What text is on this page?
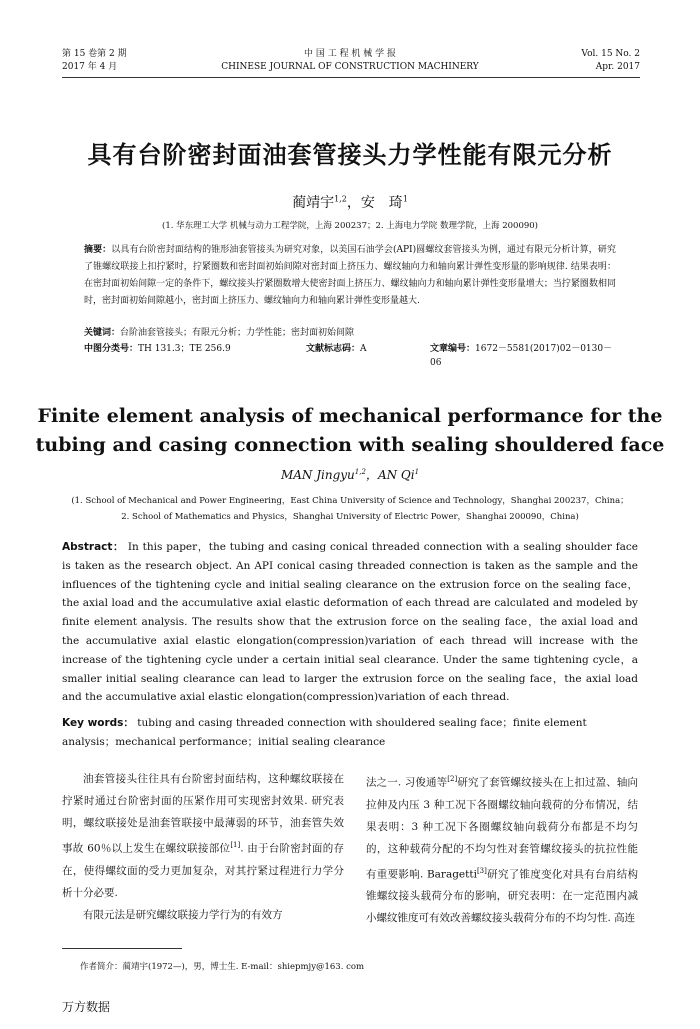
第 15 卷第 2 期
2017 年 4 月
中 国 工 程 机 械 学 报
CHINESE JOURNAL OF CONSTRUCTION MACHINERY
Vol. 15 No. 2
Apr. 2017
具有台阶密封面油套管接头力学性能有限元分析
蔺靖宇$^{1,2}$，安　琦$^1$
(1. 华东理工大学 机械与动力工程学院，上海 200237；2. 上海电力学院 数理学院，上海 200090)
摘要：以具有台阶密封面结构的锥形油套管接头为研究对象，以美国石油学会(API)圆螺纹套管接头为例，通过有限元分析计算，研究了锥螺纹联接上扣拧紧时，拧紧圈数和密封面初始间隙对密封面上挤压力、螺纹轴向力和轴向累计弹性变形量的影响规律. 结果表明：在密封面初始间隙一定的条件下，螺纹接头拧紧圈数增大使密封面上挤压力、螺纹轴向力和轴向累计弹性变形量增大；当拧紧圈数相同时，密封面初始间隙越小，密封面上挤压力、螺纹轴向力和轴向累计弹性变形量越大.
关键词：台阶油套管接头；有限元分析；力学性能；密封面初始间隙
中图分类号：TH 131.3；TE 256.9	文献标志码：A	文章编号：1672－5581(2017)02－0130－06
Finite element analysis of mechanical performance for the
tubing and casing connection with sealing shouldered face
MAN Jingyu$^{1,2}$，AN Qi$^1$
(1. School of Mechanical and Power Engineering，East China University of Science and Technology，Shanghai 200237，China；
2. School of Mathematics and Physics，Shanghai University of Electric Power，Shanghai 200090，China)
Abstract： In this paper，the tubing and casing conical threaded connection with a sealing shoulder face is taken as the research object. An API conical casing threaded connection is taken as the sample and the influences of the tightening cycle and initial sealing clearance on the extrusion force on the sealing face，the axial load and the accumulative axial elastic deformation of each thread are calculated and modeled by finite element analysis. The results show that the extrusion force on the sealing face，the axial load and the accumulative axial elastic elongation(compression)variation of each thread will increase with the increase of the tightening cycle under a certain initial seal clearance. Under the same tightening cycle，a smaller initial sealing clearance can lead to larger the extrusion force on the sealing face，the axial load and the accumulative axial elastic elongation(compression)variation of each thread.
Key words： tubing and casing threaded connection with shouldered sealing face；finite element analysis；mechanical performance；initial sealing clearance

油套管接头往往具有台阶密封面结构，这种螺纹联接在拧紧时通过台阶密封面的压紧作用可实现密封效果. 研究表明，螺纹联接处是油套管联接中最薄弱的环节，油套管失效事故 60％以上发生在螺纹联接部位[1]. 由于台阶密封面的存在，使得螺纹面的受力更加复杂，对其拧紧过程进行力学分析十分必要.

有限元法是研究螺纹联接力学行为的有效方

法之一. 习俊通等[2]研究了套管螺纹接头在上扣过盈、轴向拉伸及内压 3 种工况下各圈螺纹轴向载荷的分布情况，结果表明：3 种工况下各圈螺纹轴向载荷分布都是不均匀的，这种载荷分配的不均匀性对套管螺纹接头的抗拉性能有重要影响. Baragetti[3]研究了锥度变化对具有台肩结构锥螺纹接头载荷分布的影响，研究表明：在一定范围内减小螺纹锥度可有效改善螺纹接头载荷分布的不均匀性. 高连

作者简介：蔺靖宇(1972—)，男，博士生. E-mail：shiepmjy@163. com
万方数据
